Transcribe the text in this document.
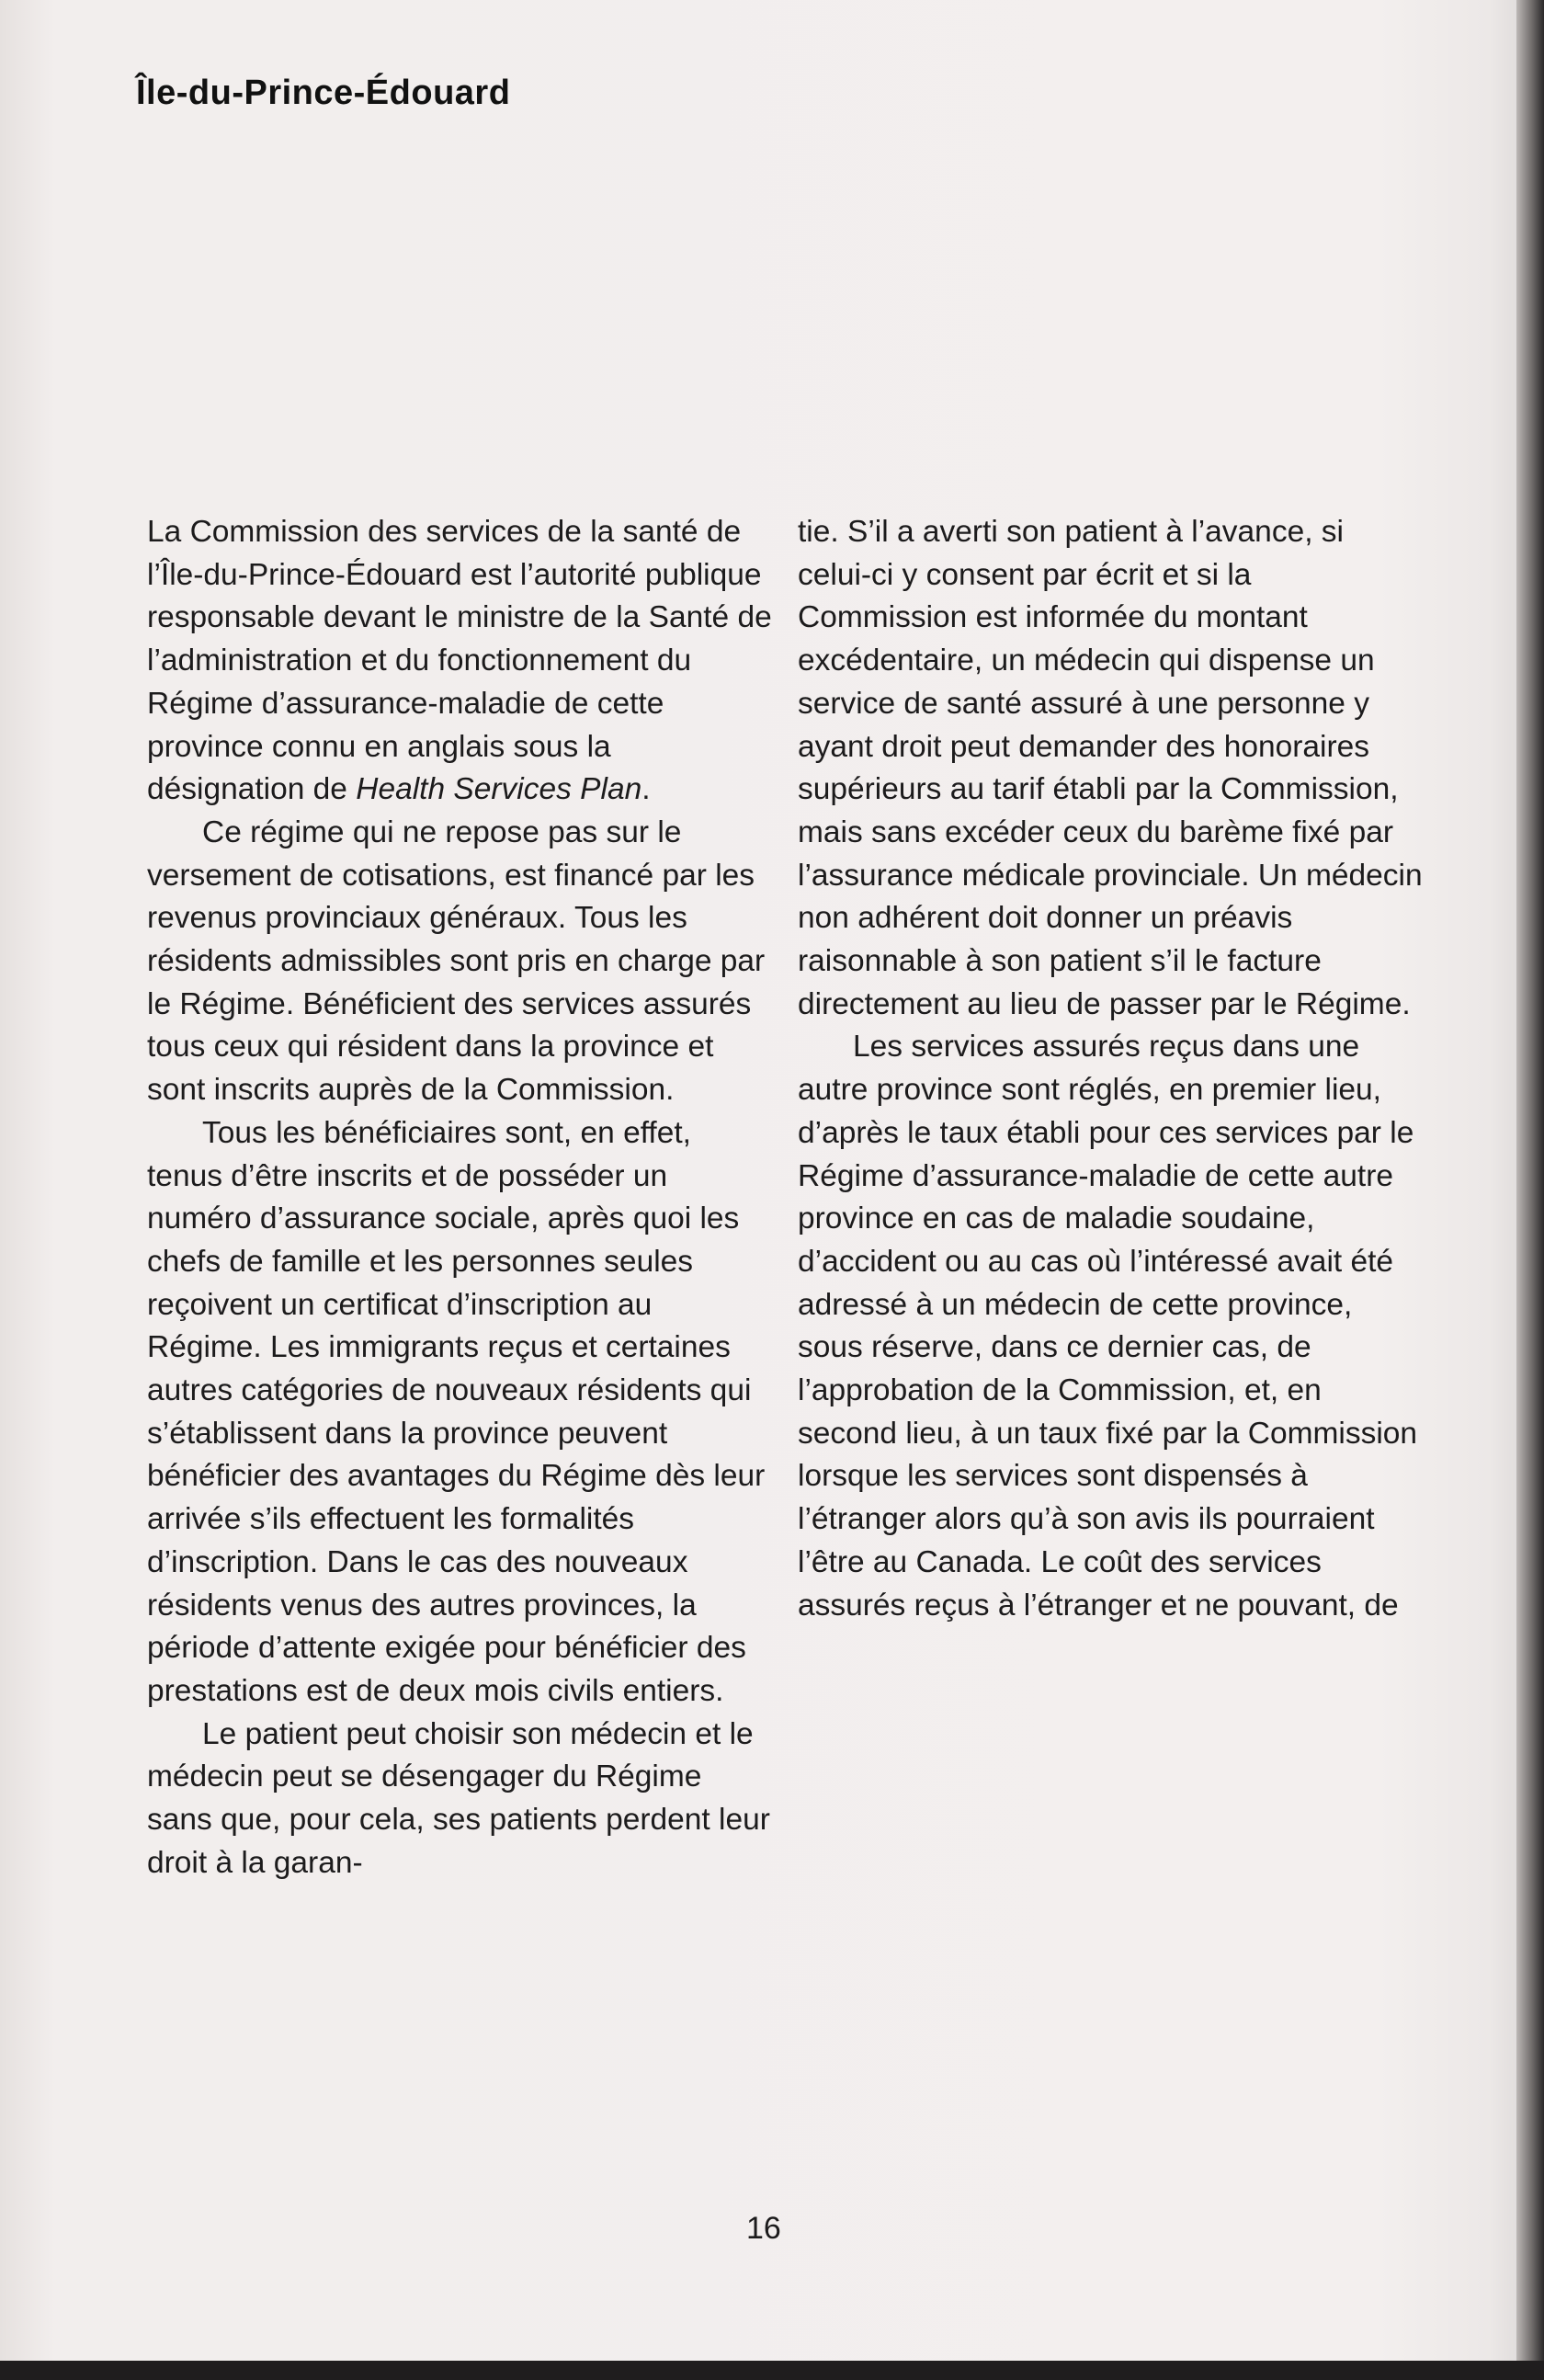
Île-du-Prince-Édouard

La Commission des services de la santé de l’Île-du-Prince-Édouard est l’autorité publique responsable devant le ministre de la Santé de l’administration et du fonctionnement du Régime d’assurance-maladie de cette province connu en anglais sous la désignation de Health Services Plan.

Ce régime qui ne repose pas sur le versement de cotisations, est financé par les revenus provinciaux généraux. Tous les résidents admissibles sont pris en charge par le Régime. Bénéficient des services assurés tous ceux qui résident dans la province et sont inscrits auprès de la Commission.

Tous les bénéficiaires sont, en effet, tenus d’être inscrits et de posséder un numéro d’assurance sociale, après quoi les chefs de famille et les personnes seules reçoivent un certificat d’inscription au Régime. Les immigrants reçus et certaines autres catégories de nouveaux résidents qui s’établissent dans la province peuvent bénéficier des avantages du Régime dès leur arrivée s’ils effectuent les formalités d’inscription. Dans le cas des nouveaux résidents venus des autres provinces, la période d’attente exigée pour bénéficier des prestations est de deux mois civils entiers.

Le patient peut choisir son médecin et le médecin peut se désengager du Régime sans que, pour cela, ses patients perdent leur droit à la garan-

tie. S’il a averti son patient à l’avance, si celui-ci y consent par écrit et si la Commission est informée du montant excédentaire, un médecin qui dispense un service de santé assuré à une personne y ayant droit peut demander des honoraires supérieurs au tarif établi par la Commission, mais sans excéder ceux du barème fixé par l’assurance médicale provinciale. Un médecin non adhérent doit donner un préavis raisonnable à son patient s’il le facture directement au lieu de passer par le Régime.

Les services assurés reçus dans une autre province sont réglés, en premier lieu, d’après le taux établi pour ces services par le Régime d’assurance-maladie de cette autre province en cas de maladie soudaine, d’accident ou au cas où l’intéressé avait été adressé à un médecin de cette province, sous réserve, dans ce dernier cas, de l’approbation de la Commission, et, en second lieu, à un taux fixé par la Commission lorsque les services sont dispensés à l’étranger alors qu’à son avis ils pourraient l’être au Canada. Le coût des services assurés reçus à l’étranger et ne pouvant, de

16
